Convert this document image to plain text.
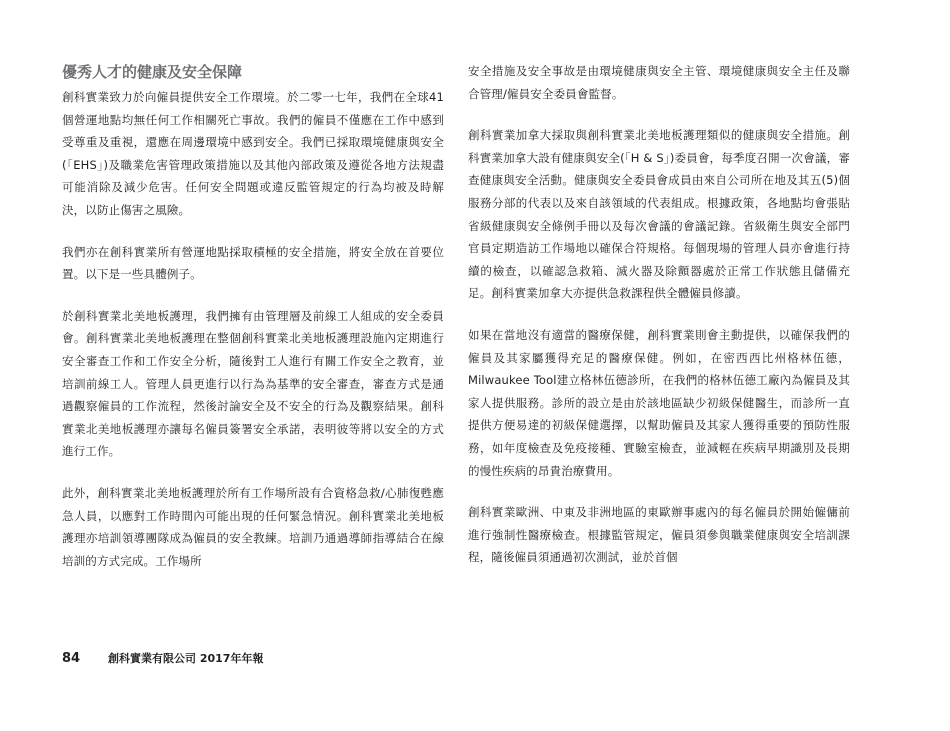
優秀人才的健康及安全保障

創科實業致力於向僱員提供安全工作環境。於二零一七年，我們在全球41個營運地點均無任何工作相關死亡事故。我們的僱員不僅應在工作中感到受尊重及重視，還應在周邊環境中感到安全。我們已採取環境健康與安全(「EHS」)及職業危害管理政策措施以及其他內部政策及遵從各地方法規盡可能消除及減少危害。任何安全問題或違反監管規定的行為均被及時解決，以防止傷害之風險。

我們亦在創科實業所有營運地點採取積極的安全措施，將安全放在首要位置。以下是一些具體例子。

於創科實業北美地板護理，我們擁有由管理層及前線工人組成的安全委員會。創科實業北美地板護理在整個創科實業北美地板護理設施內定期進行安全審查工作和工作安全分析，隨後對工人進行有關工作安全之教育，並培訓前線工人。管理人員更進行以行為為基準的安全審查，審查方式是通過觀察僱員的工作流程，然後討論安全及不安全的行為及觀察結果。創科實業北美地板護理亦讓每名僱員簽署安全承諾，表明彼等將以安全的方式進行工作。

此外，創科實業北美地板護理於所有工作場所設有合資格急救/心肺復甦應急人員，以應對工作時間內可能出現的任何緊急情況。創科實業北美地板護理亦培訓領導團隊成為僱員的安全教練。培訓乃通過導師指導結合在線培訓的方式完成。工作場所

安全措施及安全事故是由環境健康與安全主管、環境健康與安全主任及聯合管理/僱員安全委員會監督。

創科實業加拿大採取與創科實業北美地板護理類似的健康與安全措施。創科實業加拿大設有健康與安全(「H & S」)委員會，每季度召開一次會議，審查健康與安全活動。健康與安全委員會成員由來自公司所在地及其五(5)個服務分部的代表以及來自該領域的代表組成。根據政策，各地點均會張貼省級健康與安全條例手冊以及每次會議的會議記錄。省級衛生與安全部門官員定期造訪工作場地以確保合符規格。每個現場的管理人員亦會進行持續的檢查，以確認急救箱、滅火器及除顫器處於正常工作狀態且儲備充足。創科實業加拿大亦提供急救課程供全體僱員修讀。

如果在當地沒有適當的醫療保健，創科實業則會主動提供，以確保我們的僱員及其家屬獲得充足的醫療保健。例如，在密西西比州格林伍德，Milwaukee Tool建立格林伍德診所，在我們的格林伍德工廠內為僱員及其家人提供服務。診所的設立是由於該地區缺少初級保健醫生，而診所一直提供方便易達的初級保健選擇，以幫助僱員及其家人獲得重要的預防性服務，如年度檢查及免疫接種、實驗室檢查，並減輕在疾病早期識別及長期的慢性疾病的昂貴治療費用。

創科實業歐洲、中東及非洲地區的東歐辦事處內的每名僱員於開始僱傭前進行強制性醫療檢查。根據監管規定，僱員須參與職業健康與安全培訓課程，隨後僱員須通過初次測試，並於首個

84	創科實業有限公司 2017年年報
